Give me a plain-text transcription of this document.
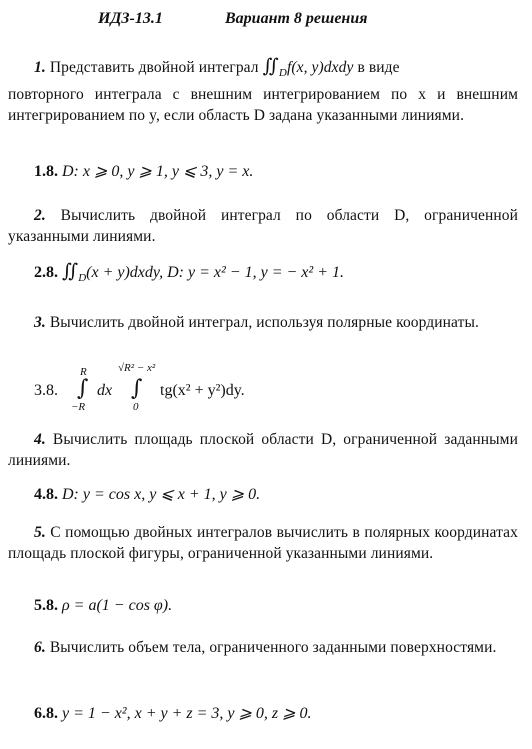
ИДЗ-13.1	Вариант 8 решения
1. Представить двойной интеграл $∬_Df(x$, y)dxdy в виде
повторного интеграла с внешним интегрированием по x и внешним интегрированием по y, если область D задана указанными линиями.
1.8. D: x ⩾ 0, y ⩾ 1, y ⩽ 3, y = x.
2. Вычислить двойной интеграл по области D, ограниченной указанными линиями.
2.8. $∬_D(x$ + y)dxdy, D: y = x² − 1, y = − x² + 1.
3. Вычислить двойной интеграл, используя полярные координаты.
3.8.
R
∫
−R
dx
√R² − x²
∫
0
tg(x² + y²)dy.
4. Вычислить площадь плоской области D, ограниченной заданными линиями.
4.8. D: y = cos x, y ⩽ x + 1, y ⩾ 0.
5. С помощью двойных интегралов вычислить в полярных координатах площадь плоской фигуры, ограниченной указанными линиями.
5.8. ρ = a(1 − cos φ).
6. Вычислить объем тела, ограниченного заданными поверхностями.
6.8. y = 1 − x², x + y + z = 3, y ⩾ 0, z ⩾ 0.
